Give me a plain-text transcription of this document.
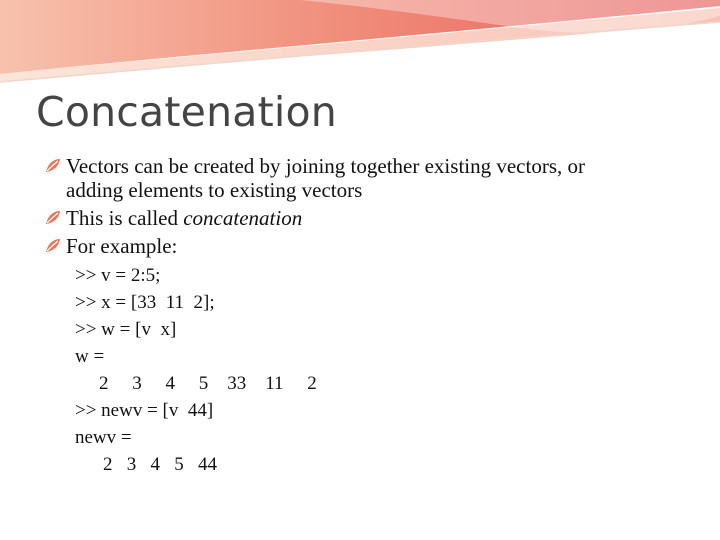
Concatenation
Vectors can be created by joining together existing vectors, or
adding elements to existing vectors
This is called concatenation
For example:
>> v = 2:5;
>> x = [33  11  2];
>> w = [v  x]
w =
2     3     4     5    33    11     2
>> newv = [v  44]
newv =
2   3   4   5   44
